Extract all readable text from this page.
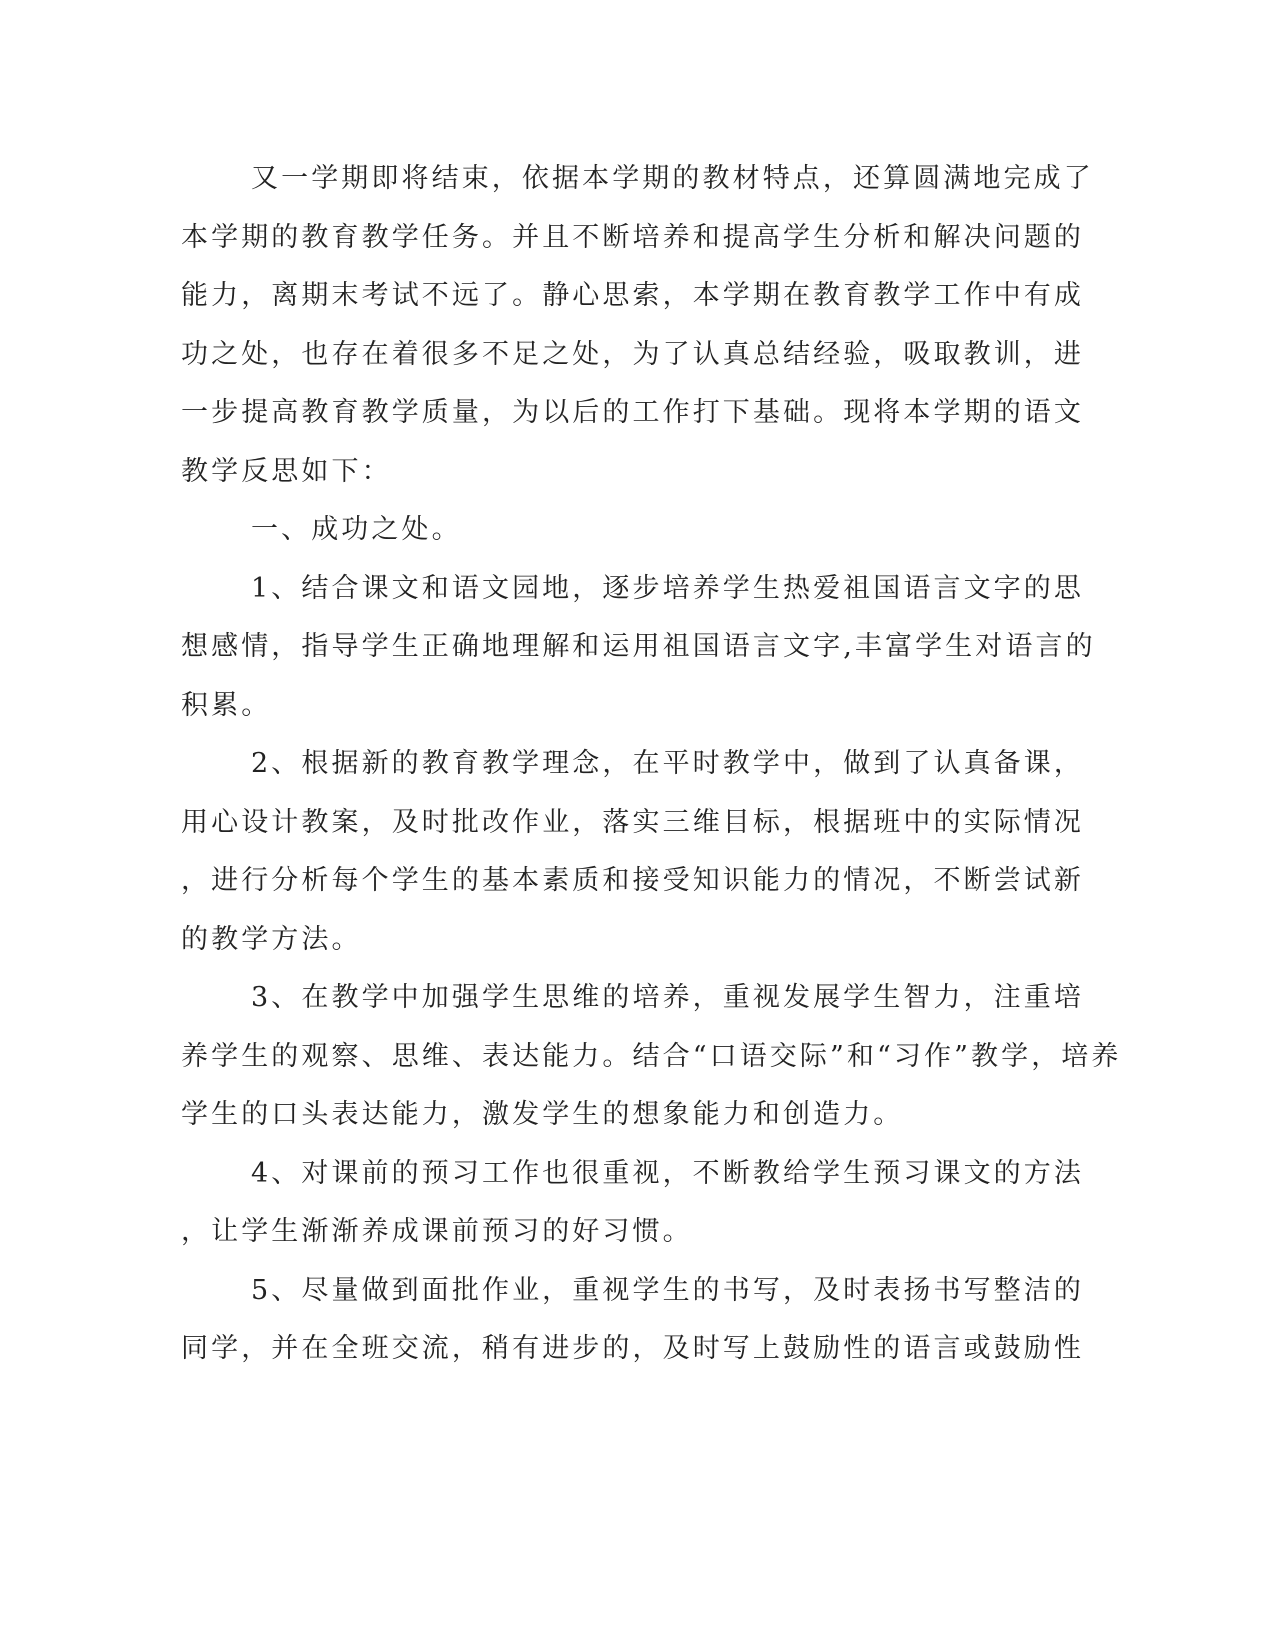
又一学期即将结束，依据本学期的教材特点，还算圆满地完成了
本学期的教育教学任务。并且不断培养和提高学生分析和解决问题的
能力，离期末考试不远了。静心思索，本学期在教育教学工作中有成
功之处，也存在着很多不足之处，为了认真总结经验，吸取教训，进
一步提高教育教学质量，为以后的工作打下基础。现将本学期的语文
教学反思如下：
一、成功之处。
1、结合课文和语文园地，逐步培养学生热爱祖国语言文字的思
想感情，指导学生正确地理解和运用祖国语言文字,丰富学生对语言的
积累。
2、根据新的教育教学理念，在平时教学中，做到了认真备课，
用心设计教案，及时批改作业，落实三维目标，根据班中的实际情况
，进行分析每个学生的基本素质和接受知识能力的情况，不断尝试新
的教学方法。
3、在教学中加强学生思维的培养，重视发展学生智力，注重培
养学生的观察、思维、表达能力。结合“口语交际”和“习作”教学，培养
学生的口头表达能力，激发学生的想象能力和创造力。
4、对课前的预习工作也很重视，不断教给学生预习课文的方法
，让学生渐渐养成课前预习的好习惯。
5、尽量做到面批作业，重视学生的书写，及时表扬书写整洁的
同学，并在全班交流，稍有进步的，及时写上鼓励性的语言或鼓励性
